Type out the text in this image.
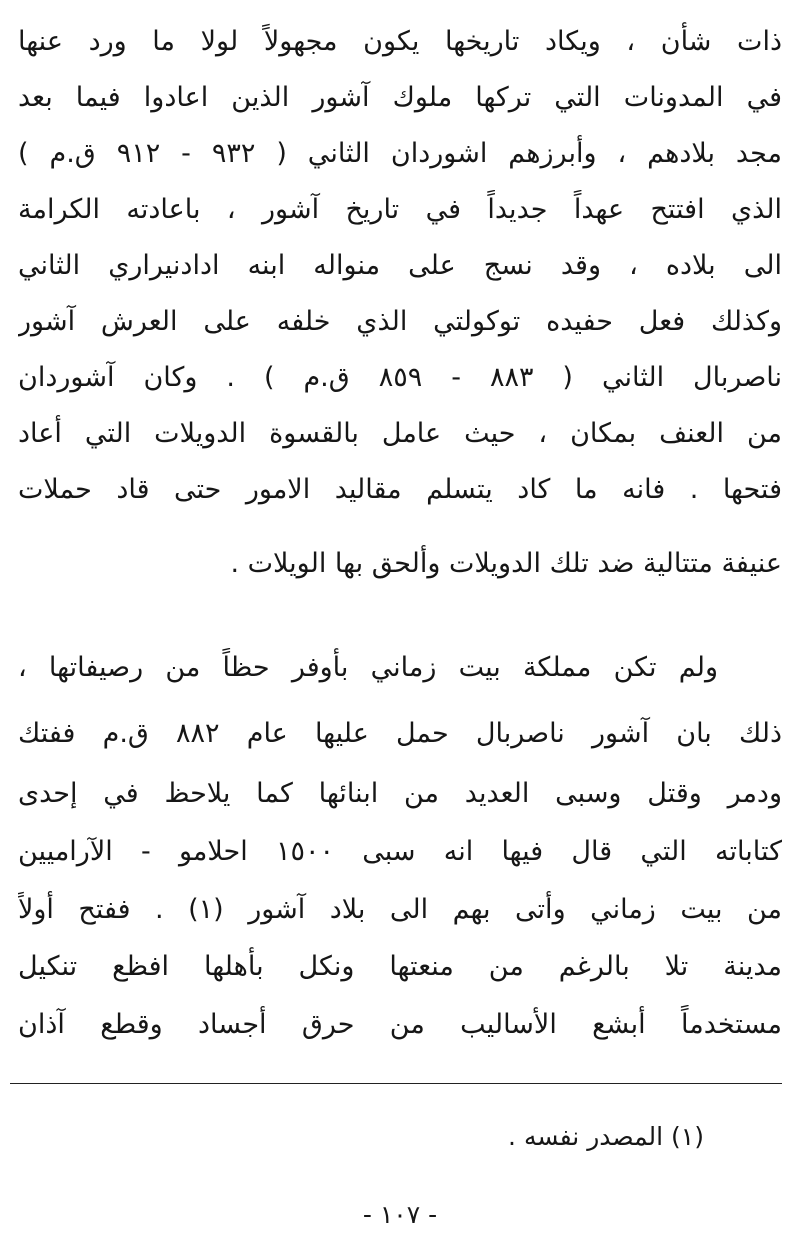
ذات شأن ، ويكاد تاريخها يكون مجهولاً لولا ما ورد عنها
في المدونات التي تركها ملوك آشور الذين اعادوا فيما بعد
مجد بلادهم ، وأبرزهم اشوردان الثاني ( ٩٣٢ - ٩١٢ ق.م )
الذي افتتح عهداً جديداً في تاريخ آشور ، باعادته الكرامة
الى بلاده ، وقد نسج على منواله ابنه ادادنيراري الثاني
وكذلك فعل حفيده توكولتي الذي خلفه على العرش آشور
ناصربال الثاني ( ٨٨٣ - ٨٥٩ ق.م ) . وكان آشوردان
من العنف بمكان ، حيث عامل بالقسوة الدويلات التي أعاد
فتحها . فانه ما كاد يتسلم مقاليد الامور حتى قاد حملات
عنيفة متتالية ضد تلك الدويلات وألحق بها الويلات .
ولم تكن مملكة بيت زماني بأوفر حظاً من رصيفاتها ،
ذلك بان آشور ناصربال حمل عليها عام ٨٨٢ ق.م ففتك
ودمر وقتل وسبى العديد من ابنائها كما يلاحظ في إحدى
كتاباته التي قال فيها انه سبى ١٥٠٠ احلامو - الآراميين
من بيت زماني وأتى بهم الى بلاد آشور (١) . ففتح أولاً
مدينة تلا بالرغم من منعتها ونكل بأهلها افظع تنكيل
مستخدماً أبشع الأساليب من حرق أجساد وقطع آذان
(١) المصدر نفسه .
- ١٠٧ -
